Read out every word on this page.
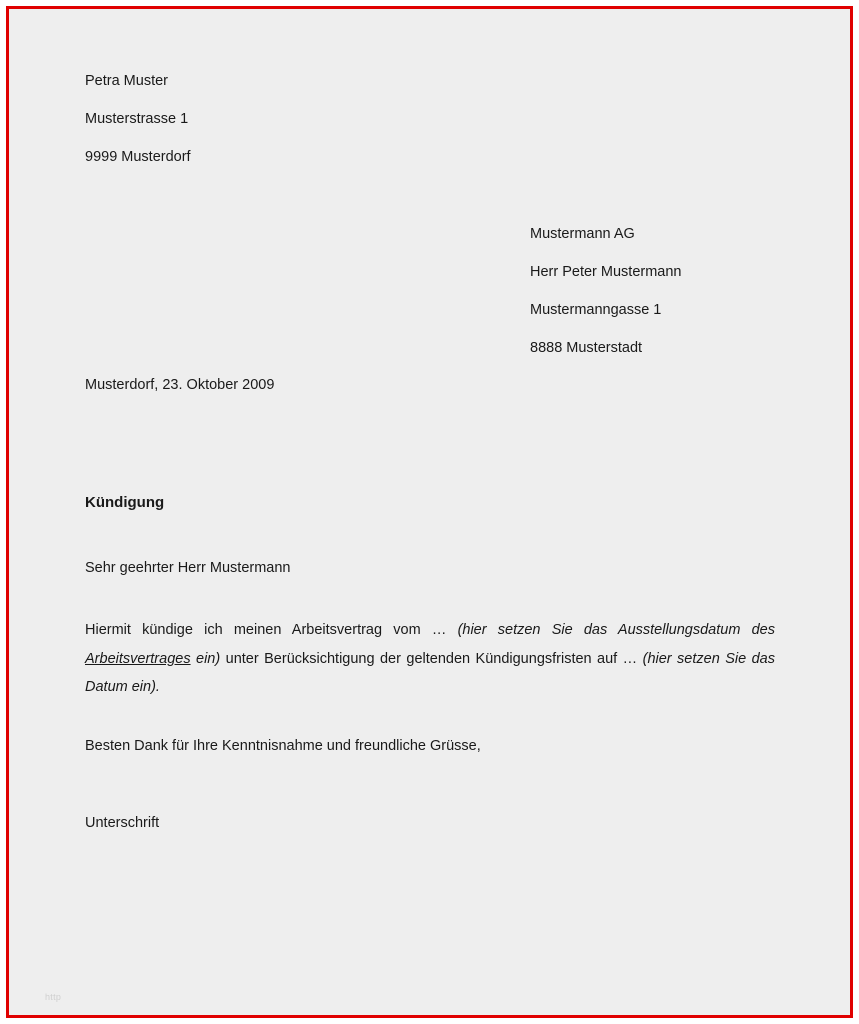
Petra Muster

Musterstrasse 1

9999 Musterdorf

Mustermann AG

Herr Peter Mustermann

Mustermanngasse 1

8888 Musterstadt

Musterdorf, 23. Oktober 2009
Kündigung
Sehr geehrter Herr Mustermann
Hiermit kündige ich meinen Arbeitsvertrag vom … (hier setzen Sie das Ausstellungsdatum des Arbeitsvertrages ein) unter Berücksichtigung der geltenden Kündigungsfristen auf … (hier setzen Sie das Datum ein).
Besten Dank für Ihre Kenntnisnahme und freundliche Grüsse,
Unterschrift
http
